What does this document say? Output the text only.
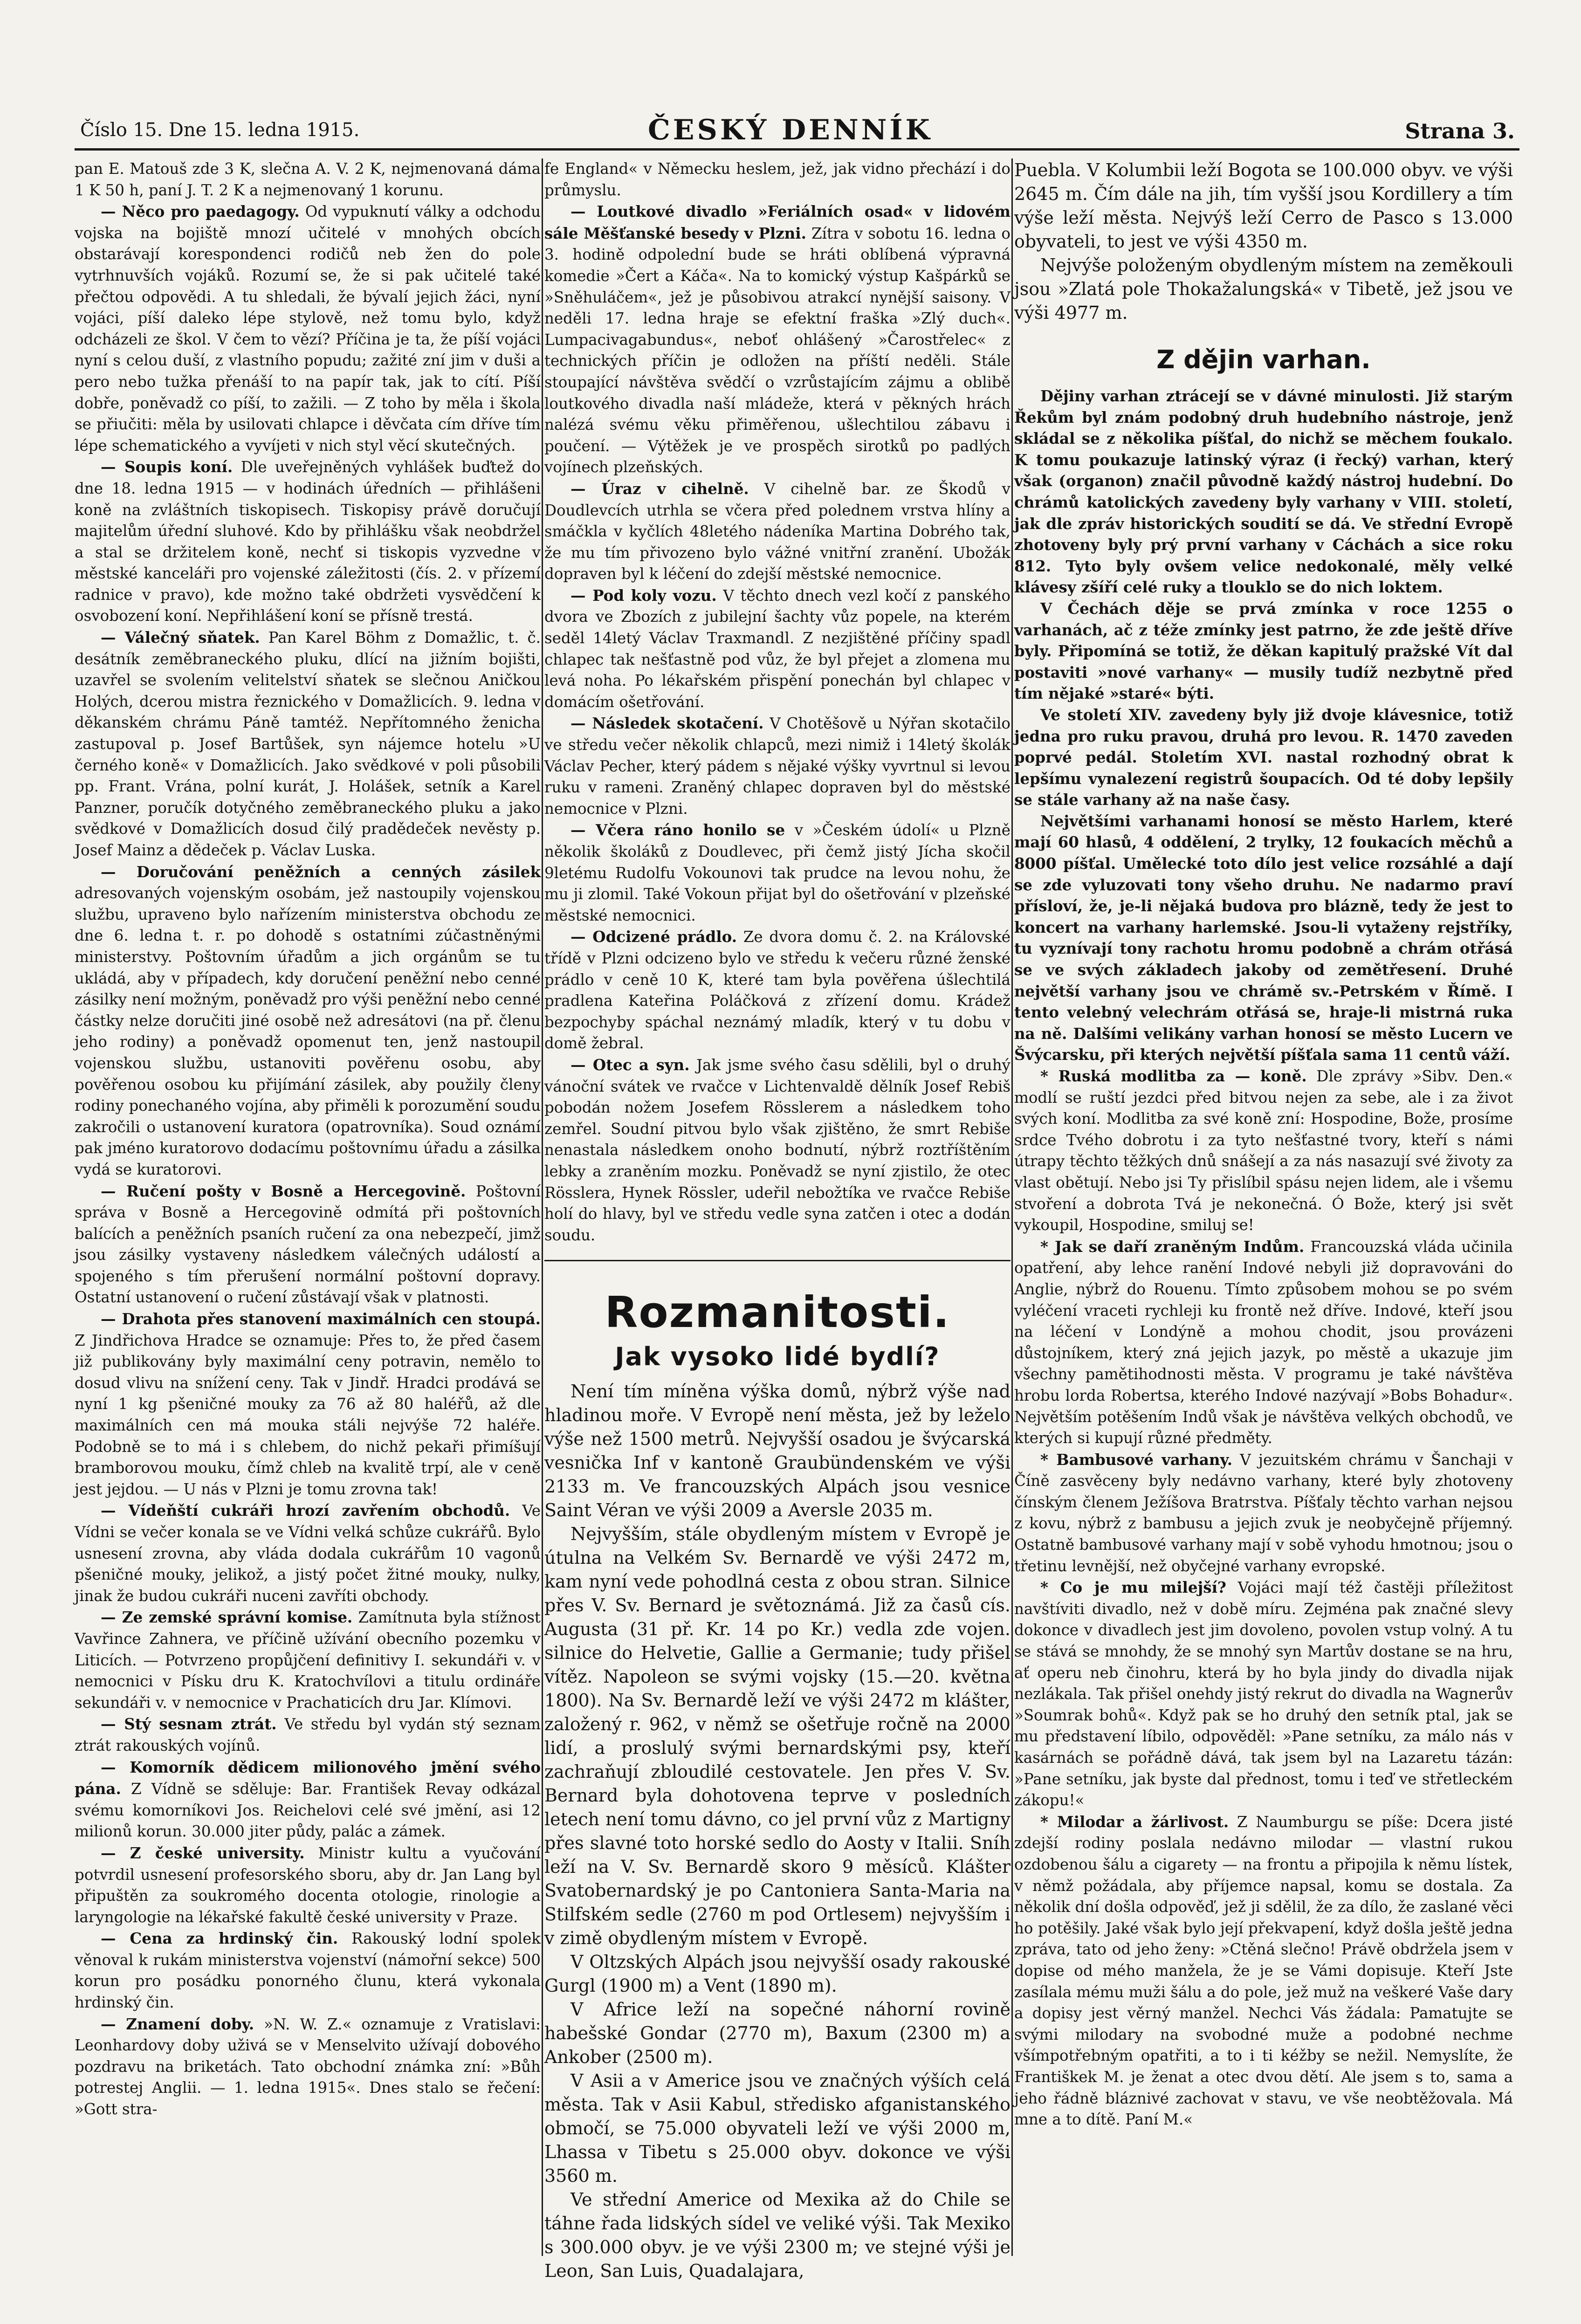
Číslo 15. Dne 15. ledna 1915.	ČESKÝ DENNÍK	Strana 3.

pan E. Matouš zde 3 K, slečna A. V. 2 K, nejmenovaná dáma 1 K 50 h, paní J. T. 2 K a nejmenovaný 1 korunu.

— Něco pro paedagogy. Od vypuknutí války a odchodu vojska na bojiště mnozí učitelé v mnohých obcích obstarávají korespondenci rodičů neb žen do pole vytrhnuvších vojáků. Rozumí se, že si pak učitelé také přečtou odpovědi. A tu shledali, že bývalí jejich žáci, nyní vojáci, píší daleko lépe stylově, než tomu bylo, když odcházeli ze škol. V čem to vězí? Příčina je ta, že píší vojáci nyní s celou duší, z vlastního popudu; zažité zní jim v duši a pero nebo tužka přenáší to na papír tak, jak to cítí. Píší dobře, poněvadž co píší, to zažili. — Z toho by měla i škola se přiučiti: měla by usilovati chlapce i děvčata cím dříve tím lépe schematického a vyvíjeti v nich styl věcí skutečných.

— Soupis koní. Dle uveřejněných vyhlášek buďtež do dne 18. ledna 1915 — v hodinách úředních — přihlášeni koně na zvláštních tiskopisech. Tiskopisy právě doručují majitelům úřední sluhové. Kdo by přihlášku však neobdržel a stal se držitelem koně, nechť si tiskopis vyzvedne v městské kanceláři pro vojenské záležitosti (čís. 2. v přízemí radnice v pravo), kde možno také obdržeti vysvědčení k osvobození koní. Nepřihlášení koní se přísně trestá.

— Válečný sňatek. Pan Karel Böhm z Domažlic, t. č. desátník zeměbraneckého pluku, dlící na jižním bojišti, uzavřel se svolením velitelství sňatek se slečnou Aničkou Holých, dcerou mistra řeznického v Domažlicích. 9. ledna v děkanském chrámu Páně tamtéž. Nepřítomného ženicha zastupoval p. Josef Bartůšek, syn nájemce hotelu »U černého koně« v Domažlicích. Jako svědkové v poli působili pp. Frant. Vrána, polní kurát, J. Holášek, setník a Karel Panzner, poručík dotyčného zeměbraneckého pluku a jako svědkové v Domažlicích dosud čilý pradědeček nevěsty p. Josef Mainz a dědeček p. Václav Luska.

— Doručování peněžních a cenných zásilek adresovaných vojenským osobám, jež nastoupily vojenskou službu, upraveno bylo nařízením ministerstva obchodu ze dne 6. ledna t. r. po dohodě s ostatními zúčastněnými ministerstvy. Poštovním úřadům a jich orgánům se tu ukládá, aby v případech, kdy doručení peněžní nebo cenné zásilky není možným, poněvadž pro výši peněžní nebo cenné částky nelze doručiti jiné osobě než adresátovi (na př. členu jeho rodiny) a poněvadž opomenut ten, jenž nastoupil vojenskou službu, ustanoviti pověřenu osobu, aby pověřenou osobou ku přijímání zásilek, aby použily členy rodiny ponechaného vojína, aby přiměli k porozumění soudu zakročili o ustanovení kuratora (opatrovníka). Soud oznámí pak jméno kuratorovo dodacímu poštovnímu úřadu a zásilka vydá se kuratorovi.

— Ručení pošty v Bosně a Hercegovině. Poštovní správa v Bosně a Hercegovině odmítá při poštovních balících a peněžních psaních ručení za ona nebezpečí, jimž jsou zásilky vystaveny následkem válečných událostí a spojeného s tím přerušení normální poštovní dopravy. Ostatní ustanovení o ručení zůstávají však v platnosti.

— Drahota přes stanovení maximálních cen stoupá. Z Jindřichova Hradce se oznamuje: Přes to, že před časem již publikovány byly maximální ceny potravin, nemělo to dosud vlivu na snížení ceny. Tak v Jindř. Hradci prodává se nyní 1 kg pšeničné mouky za 76 až 80 haléřů, až dle maximálních cen má mouka stáli nejvýše 72 haléře. Podobně se to má i s chlebem, do nichž pekaři přimíšují bramborovou mouku, čímž chleb na kvalitě trpí, ale v ceně jest jejdou. — U nás v Plzni je tomu zrovna tak!

— Vídeňští cukráři hrozí zavřením obchodů. Ve Vídni se večer konala se ve Vídni velká schůze cukrářů. Bylo usnesení zrovna, aby vláda dodala cukrářům 10 vagonů pšeničné mouky, jelikož, a jistý počet žitné mouky, nulky, jinak že budou cukráři nuceni zavříti obchody.

— Ze zemské správní komise. Zamítnuta byla stížnost Vavřince Zahnera, ve příčině užívání obecního pozemku v Liticích. — Potvrzeno propůjčení definitivy I. sekundáři v. v nemocnici v Písku dru K. Kratochvílovi a titulu ordináře sekundáři v. v nemocnice v Prachaticích dru Jar. Klímovi.

— Stý sesnam ztrát. Ve středu byl vydán stý seznam ztrát rakouských vojínů.

— Komorník dědicem milionového jmění svého pána. Z Vídně se sděluje: Bar. František Revay odkázal svému komorníkovi Jos. Reichelovi celé své jmění, asi 12 milionů korun. 30.000 jiter půdy, palác a zámek.

— Z české university. Ministr kultu a vyučování potvrdil usnesení profesorského sboru, aby dr. Jan Lang byl připuštěn za soukromého docenta otologie, rinologie a laryngologie na lékařské fakultě české university v Praze.

— Cena za hrdinský čin. Rakouský lodní spolek věnoval k rukám ministerstva vojenství (námořní sekce) 500 korun pro posádku ponorného člunu, která vykonala hrdinský čin.

— Znamení doby. »N. W. Z.« oznamuje z Vratislavi: Leonhardovy doby uživá se v Menselvito užívají dobového pozdravu na briketách. Tato obchodní známka zní: »Bůh potrestej Anglii. — 1. ledna 1915«. Dnes stalo se řečení: »Gott stra-

fe England« v Německu heslem, jež, jak vidno přechází i do průmyslu.

— Loutkové divadlo »Feriálních osad« v lidovém sále Měšťanské besedy v Plzni. Zítra v sobotu 16. ledna o 3. hodině odpolední bude se hráti oblíbená výpravná komedie »Čert a Káča«. Na to komický výstup Kašpárků se »Sněhuláčem«, jež je působivou atrakcí nynější saisony. V neděli 17. ledna hraje se efektní fraška »Zlý duch«. Lumpacivagabundus«, neboť ohlášený »Čarostřelec« z technických příčin je odložen na příští neděli. Stále stoupající návštěva svědčí o vzrůstajícím zájmu a oblibě loutkového divadla naší mládeže, která v pěkných hrách nalézá svému věku přiměřenou, ušlechtilou zábavu i poučení. — Výtěžek je ve prospěch sirotků po padlých vojínech plzeňských.

— Úraz v cihelně. V cihelně bar. ze Škodů v Doudlevcích utrhla se včera před polednem vrstva hlíny a smáčkla v kyčlích 48letého nádeníka Martina Dobrého tak, že mu tím přivozeno bylo vážné vnitřní zranění. Ubožák dopraven byl k léčení do zdejší městské nemocnice.

— Pod koly vozu. V těchto dnech vezl kočí z panského dvora ve Zbozích z jubilejní šachty vůz popele, na kterém seděl 14letý Václav Traxmandl. Z nezjištěné příčiny spadl chlapec tak nešťastně pod vůz, že byl přejet a zlomena mu levá noha. Po lékařském přispění ponechán byl chlapec v domácím ošetřování.

— Následek skotačení. V Chotěšově u Nýřan skotačilo ve středu večer několik chlapců, mezi nimiž i 14letý školák Václav Pecher, který pádem s nějaké výšky vyvrtnul si levou ruku v rameni. Zraněný chlapec dopraven byl do městské nemocnice v Plzni.

— Včera ráno honilo se v »Českém údolí« u Plzně několik školáků z Doudlevec, při čemž jistý Jícha skočil 9letému Rudolfu Vokounovi tak prudce na levou nohu, že mu ji zlomil. Také Vokoun přijat byl do ošetřování v plzeňské městské nemocnici.

— Odcizené prádlo. Ze dvora domu č. 2. na Královské třídě v Plzni odcizeno bylo ve středu k večeru různé ženské prádlo v ceně 10 K, které tam byla pověřena úšlechtilá pradlena Kateřina Poláčková z zřízení domu. Krádež bezpochyby spáchal neznámý mladík, který v tu dobu v domě žebral.

— Otec a syn. Jak jsme svého času sdělili, byl o druhý vánoční svátek ve rvačce v Lichtenvaldě dělník Josef Rebiš pobodán nožem Josefem Rösslerem a následkem toho zemřel. Soudní pitvou bylo však zjištěno, že smrt Rebiše nenastala následkem onoho bodnutí, nýbrž roztříštěním lebky a zraněním mozku. Poněvadž se nyní zjistilo, že otec Rösslera, Hynek Rössler, udeřil nebožtíka ve rvačce Rebiše holí do hlavy, byl ve středu vedle syna zatčen i otec a dodán soudu.

Rozmanitosti.
Jak vysoko lidé bydlí?

Není tím míněna výška domů, nýbrž výše nad hladinou moře. V Evropě není města, jež by leželo výše než 1500 metrů. Nejvyšší osadou je švýcarská vesnička Inf v kantoně Graubündenském ve výši 2133 m. Ve francouzských Alpách jsou vesnice Saint Véran ve výši 2009 a Aversle 2035 m.

Nejvyšším, stále obydleným místem v Evropě je útulna na Velkém Sv. Bernardě ve výši 2472 m, kam nyní vede pohodlná cesta z obou stran. Silnice přes V. Sv. Bernard je světoznámá. Již za časů cís. Augusta (31 př. Kr. 14 po Kr.) vedla zde vojen. silnice do Helvetie, Gallie a Germanie; tudy přišel vítěz. Napoleon se svými vojsky (15.—20. května 1800). Na Sv. Bernardě leží ve výši 2472 m klášter, založený r. 962, v němž se ošetřuje ročně na 2000 lidí, a proslulý svými bernardskými psy, kteří zachraňují zbloudilé cestovatele. Jen přes V. Sv. Bernard byla dohotovena teprve v posledních letech není tomu dávno, co jel první vůz z Martigny přes slavné toto horské sedlo do Aosty v Italii. Sníh leží na V. Sv. Bernardě skoro 9 měsíců. Klášter Svatobernardský je po Cantoniera Santa-Maria na Stilfském sedle (2760 m pod Ortlesem) nejvyšším i v zimě obydleným místem v Evropě.

V Oltzských Alpách jsou nejvyšší osady rakouské Gurgl (1900 m) a Vent (1890 m).

V Africe leží na sopečné náhorní rovině habešské Gondar (2770 m), Baxum (2300 m) a Ankober (2500 m).

V Asii a v Americe jsou ve značných výších celá města. Tak v Asii Kabul, středisko afganistanského območí, se 75.000 obyvateli leží ve výši 2000 m, Lhassa v Tibetu s 25.000 obyv. dokonce ve výši 3560 m.

Ve střední Americe od Mexika až do Chile se táhne řada lidských sídel ve veliké výši. Tak Mexiko s 300.000 obyv. je ve výši 2300 m; ve stejné výši je Leon, San Luis, Quadalajara,

Puebla. V Kolumbii leží Bogota se 100.000 obyv. ve výši 2645 m. Čím dále na jih, tím vyšší jsou Kordillery a tím výše leží města. Nejvýš leží Cerro de Pasco s 13.000 obyvateli, to jest ve výši 4350 m.

Nejvýše položeným obydleným místem na zeměkouli jsou »Zlatá pole Thokažalungská« v Tibetě, jež jsou ve výši 4977 m.

Z dějin varhan.

Dějiny varhan ztrácejí se v dávné minulosti. Již starým Řekům byl znám podobný druh hudebního nástroje, jenž skládal se z několika píšťal, do nichž se měchem foukalo. K tomu poukazuje latinský výraz (i řecký) varhan, který však (organon) značil původně každý nástroj hudební. Do chrámů katolických zavedeny byly varhany v VIII. století, jak dle zpráv historických soudití se dá. Ve střední Evropě zhotoveny byly prý první varhany v Cáchách a sice roku 812. Tyto byly ovšem velice nedokonalé, měly velké klávesy zšíří celé ruky a tlouklo se do nich loktem.

V Čechách děje se prvá zmínka v roce 1255 o varhanách, ač z téže zmínky jest patrno, že zde ještě dříve byly. Připomíná se totiž, že děkan kapitulý pražské Vít dal postaviti »nové varhany« — musily tudíž nezbytně před tím nějaké »staré« býti.

Ve století XIV. zavedeny byly již dvoje klávesnice, totiž jedna pro ruku pravou, druhá pro levou. R. 1470 zaveden poprvé pedál. Stoletím XVI. nastal rozhodný obrat k lepšímu vynalezení registrů šoupacích. Od té doby lepšily se stále varhany až na naše časy.

Největšími varhanami honosí se město Harlem, které mají 60 hlasů, 4 oddělení, 2 trylky, 12 foukacích měchů a 8000 píšťal. Umělecké toto dílo jest velice rozsáhlé a dají se zde vyluzovati tony všeho druhu. Ne nadarmo praví přísloví, že, je-li nějaká budova pro blázně, tedy že jest to koncert na varhany harlemské. Jsou-li vytaženy rejstříky, tu vyznívají tony rachotu hromu podobně a chrám otřásá se ve svých základech jakoby od zemětřesení. Druhé největší varhany jsou ve chrámě sv.-Petrském v Římě. I tento velebný velechrám otřásá se, hraje-li mistrná ruka na ně. Dalšími velikány varhan honosí se město Lucern ve Švýcarsku, při kterých největší píšťala sama 11 centů váží.

* Ruská modlitba za — koně. Dle zprávy »Sibv. Den.« modlí se ruští jezdci před bitvou nejen za sebe, ale i za život svých koní. Modlitba za své koně zní: Hospodine, Bože, prosíme srdce Tvého dobrotu i za tyto nešťastné tvory, kteří s námi útrapy těchto těžkých dnů snášejí a za nás nasazují své životy za vlast obětují. Nebo jsi Ty přislíbil spásu nejen lidem, ale i všemu stvoření a dobrota Tvá je nekonečná. Ó Bože, který jsi svět vykoupil, Hospodine, smiluj se!

* Jak se daří zraněným Indům. Francouzská vláda učinila opatření, aby lehce ranění Indové nebyli již dopravováni do Anglie, nýbrž do Rouenu. Tímto způsobem mohou se po svém vyléčení vraceti rychleji ku frontě než dříve. Indové, kteří jsou na léčení v Londýně a mohou chodit, jsou provázeni důstojníkem, který zná jejich jazyk, po městě a ukazuje jim všechny pamětihodnosti města. V programu je také návštěva hrobu lorda Robertsa, kterého Indové nazývají »Bobs Bohadur«. Největším potěšením Indů však je návštěva velkých obchodů, ve kterých si kupují různé předměty.

* Bambusové varhany. V jezuitském chrámu v Šanchaji v Číně zasvěceny byly nedávno varhany, které byly zhotoveny čínským členem Ježíšova Bratrstva. Píšťaly těchto varhan nejsou z kovu, nýbrž z bambusu a jejich zvuk je neobyčejně příjemný. Ostatně bambusové varhany mají v sobě vyhodu hmotnou; jsou o třetinu levnější, než obyčejné varhany evropské.

* Co je mu milejší? Vojáci mají též častěji příležitost navštíviti divadlo, než v době míru. Zejména pak značné slevy dokonce v divadlech jest jim dovoleno, povolen vstup volný. A tu se stává se mnohdy, že se mnohý syn Martův dostane se na hru, ať operu neb činohru, která by ho byla jindy do divadla nijak nezlákala. Tak přišel onehdy jistý rekrut do divadla na Wagnerův »Soumrak bohů«. Když pak se ho druhý den setník ptal, jak se mu představení líbilo, odpověděl: »Pane setníku, za málo nás v kasárnách se pořádně dává, tak jsem byl na Lazaretu tázán: »Pane setníku, jak byste dal přednost, tomu i teď ve střetleckém zákopu!«

* Milodar a žárlivost. Z Naumburgu se píše: Dcera jisté zdejší rodiny poslala nedávno milodar — vlastní rukou ozdobenou šálu a cigarety — na frontu a připojila k němu lístek, v němž požádala, aby příjemce napsal, komu se dostala. Za několik dní došla odpověď, jež ji sdělil, že za dílo, že zaslané věci ho potěšily. Jaké však bylo její překvapení, když došla ještě jedna zpráva, tato od jeho ženy: »Ctěná slečno! Právě obdržela jsem v dopise od mého manžela, že je se Vámi dopisuje. Kteří Jste zasílala mému muži šálu a do pole, jež muž na veškeré Vaše dary a dopisy jest věrný manžel. Nechci Vás žádala: Pamatujte se svými milodary na svobodné muže a podobné nechme všímpotřebným opatřiti, a to i ti kéžby se nežil. Nemyslíte, že Františkek M. je ženat a otec dvou dětí. Ale jsem s to, sama a jeho řádně bláznivé zachovat v stavu, ve vše neobtěžovala. Má mne a to dítě. Paní M.«
